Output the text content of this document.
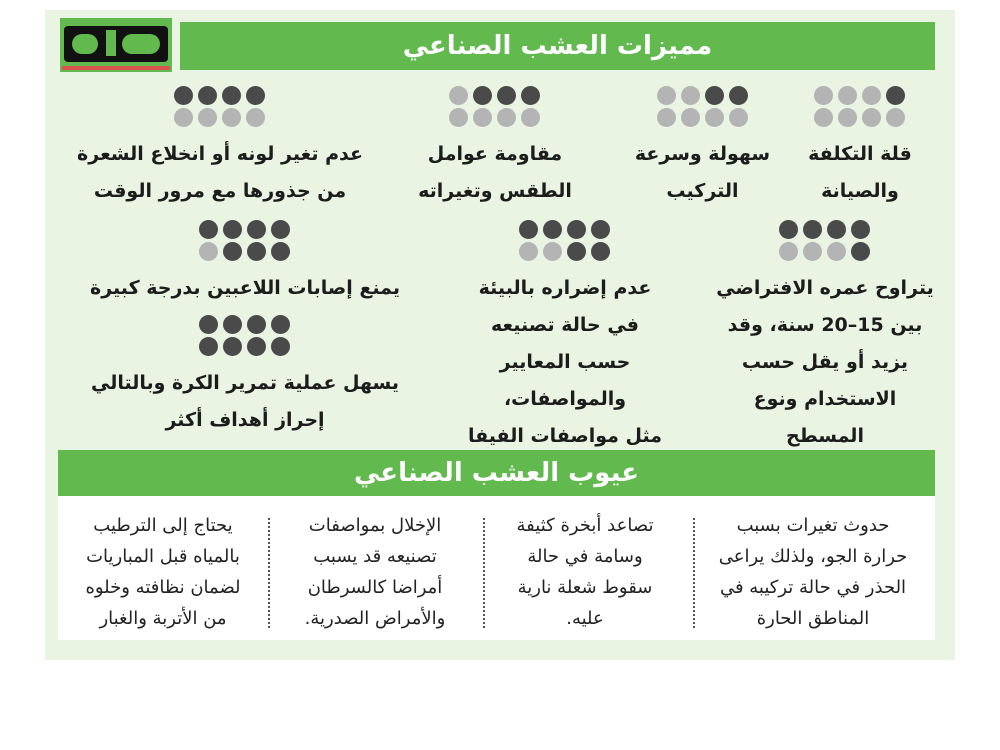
مميزات العشب الصناعي
قلة التكلفة
والصيانة
سهولة وسرعة
التركيب
مقاومة عوامل
الطقس وتغيراته
عدم تغير لونه أو انخلاع الشعرة
من جذورها مع مرور الوقت
يتراوح عمره الافتراضي
بين 15–20 سنة، وقد
يزيد أو يقل حسب
الاستخدام ونوع
المسطح
عدم إضراره بالبيئة
في حالة تصنيعه
حسب المعايير
والمواصفات،
مثل مواصفات الفيفا
يمنع إصابات اللاعبين بدرجة كبيرة
يسهل عملية تمرير الكرة وبالتالي
إحراز أهداف أكثر
عيوب العشب الصناعي
حدوث تغيرات بسبب
حرارة الجو، ولذلك يراعى
الحذر في حالة تركيبه في
المناطق الحارة
تصاعد أبخرة كثيفة
وسامة في حالة
سقوط شعلة نارية
عليه.
الإخلال بمواصفات
تصنيعه قد يسبب
أمراضا كالسرطان
والأمراض الصدرية.
يحتاج إلى الترطيب
بالمياه قبل المباريات
لضمان نظافته وخلوه
من الأتربة والغبار
